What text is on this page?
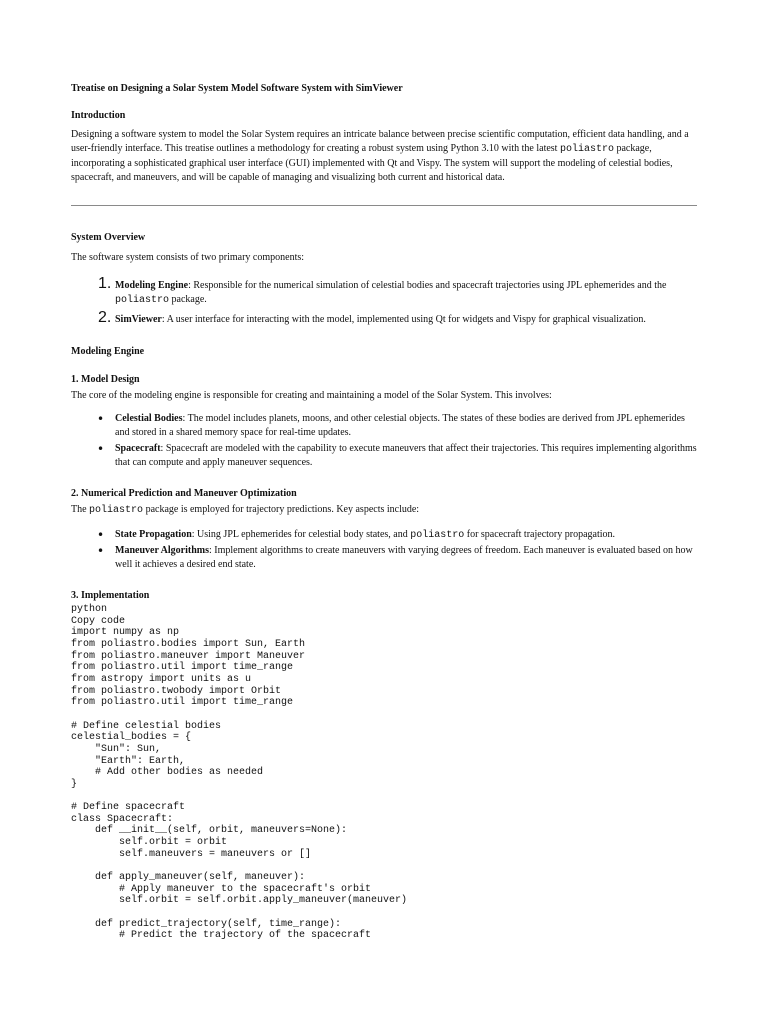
Treatise on Designing a Solar System Model Software System with SimViewer
Introduction

Designing a software system to model the Solar System requires an intricate balance between precise scientific computation, efficient data handling, and a user-friendly interface. This treatise outlines a methodology for creating a robust system using Python 3.10 with the latest poliastro package, incorporating a sophisticated graphical user interface (GUI) implemented with Qt and Vispy. The system will support the modeling of celestial bodies, spacecraft, and maneuvers, and will be capable of managing and visualizing both current and historical data.

System Overview

The software system consists of two primary components:

1. Modeling Engine: Responsible for the numerical simulation of celestial bodies and spacecraft trajectories using JPL ephemerides and the poliastro package.
2. SimViewer: A user interface for interacting with the model, implemented using Qt for widgets and Vispy for graphical visualization.
Modeling Engine
1. Model Design

The core of the modeling engine is responsible for creating and maintaining a model of the Solar System. This involves:

• Celestial Bodies: The model includes planets, moons, and other celestial objects. The states of these bodies are derived from JPL ephemerides and stored in a shared memory space for real-time updates.
• Spacecraft: Spacecraft are modeled with the capability to execute maneuvers that affect their trajectories. This requires implementing algorithms that can compute and apply maneuver sequences.
2. Numerical Prediction and Maneuver Optimization

The poliastro package is employed for trajectory predictions. Key aspects include:

• State Propagation: Using JPL ephemerides for celestial body states, and poliastro for spacecraft trajectory propagation.
• Maneuver Algorithms: Implement algorithms to create maneuvers with varying degrees of freedom. Each maneuver is evaluated based on how well it achieves a desired end state.
3. Implementation
python
Copy code
import numpy as np
from poliastro.bodies import Sun, Earth
from poliastro.maneuver import Maneuver
from poliastro.util import time_range
from astropy import units as u
from poliastro.twobody import Orbit
from poliastro.util import time_range

# Define celestial bodies
celestial_bodies = {
"Sun": Sun,
"Earth": Earth,
# Add other bodies as needed
}

# Define spacecraft
class Spacecraft:
def __init__(self, orbit, maneuvers=None):
self.orbit = orbit
self.maneuvers = maneuvers or []

def apply_maneuver(self, maneuver):
# Apply maneuver to the spacecraft's orbit
self.orbit = self.orbit.apply_maneuver(maneuver)

def predict_trajectory(self, time_range):
# Predict the trajectory of the spacecraft
